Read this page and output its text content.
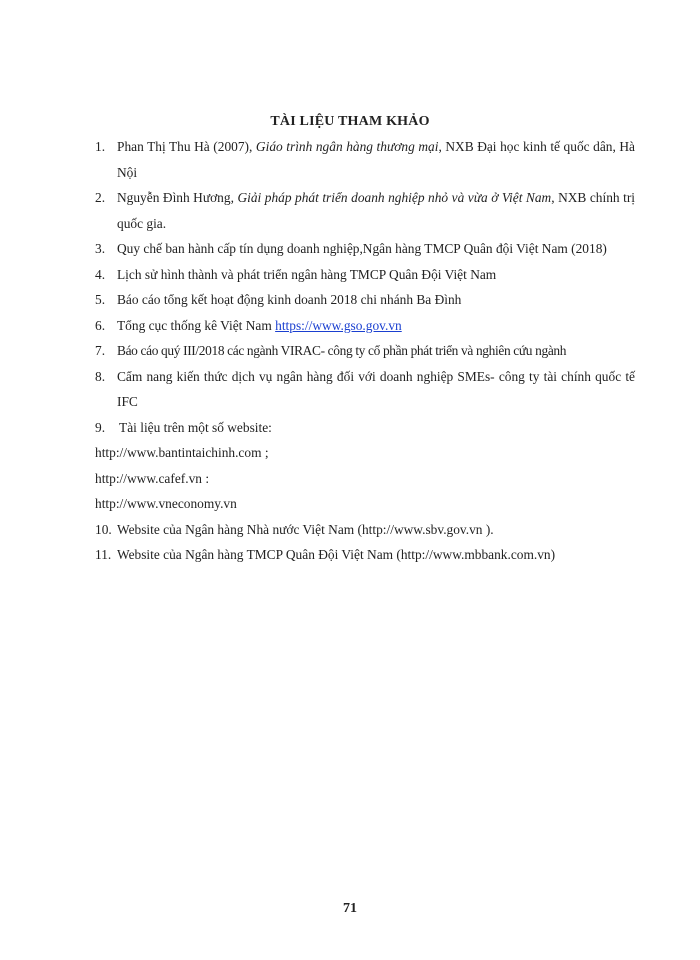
TÀI LIỆU THAM KHẢO
1. Phan Thị Thu Hà (2007), Giáo trình ngân hàng thương mại, NXB Đại học kinh tế quốc dân, Hà Nội
2. Nguyễn Đình Hương, Giải pháp phát triển doanh nghiệp nhỏ và vừa ở Việt Nam, NXB chính trị quốc gia.
3. Quy chế ban hành cấp tín dụng doanh nghiệp,Ngân hàng TMCP Quân đội Việt Nam (2018)
4. Lịch sử hình thành và phát triển ngân hàng TMCP Quân Đội Việt Nam
5. Báo cáo tổng kết hoạt động kinh doanh 2018 chi nhánh Ba Đình
6. Tổng cục thống kê Việt Nam https://www.gso.gov.vn
7. Báo cáo quý III/2018 các ngành VIRAC- công ty cổ phần phát triển và nghiên cứu ngành
8. Cẩm nang kiến thức dịch vụ ngân hàng đối với doanh nghiệp SMEs- công ty tài chính quốc tế IFC
9. Tài liệu trên một số website:
http://www.bantintaichinh.com ;
http://www.cafef.vn :
http://www.vneconomy.vn
10. Website của Ngân hàng Nhà nước Việt Nam (http://www.sbv.gov.vn ).
11. Website của Ngân hàng TMCP Quân Đội Việt Nam (http://www.mbbank.com.vn)
71
